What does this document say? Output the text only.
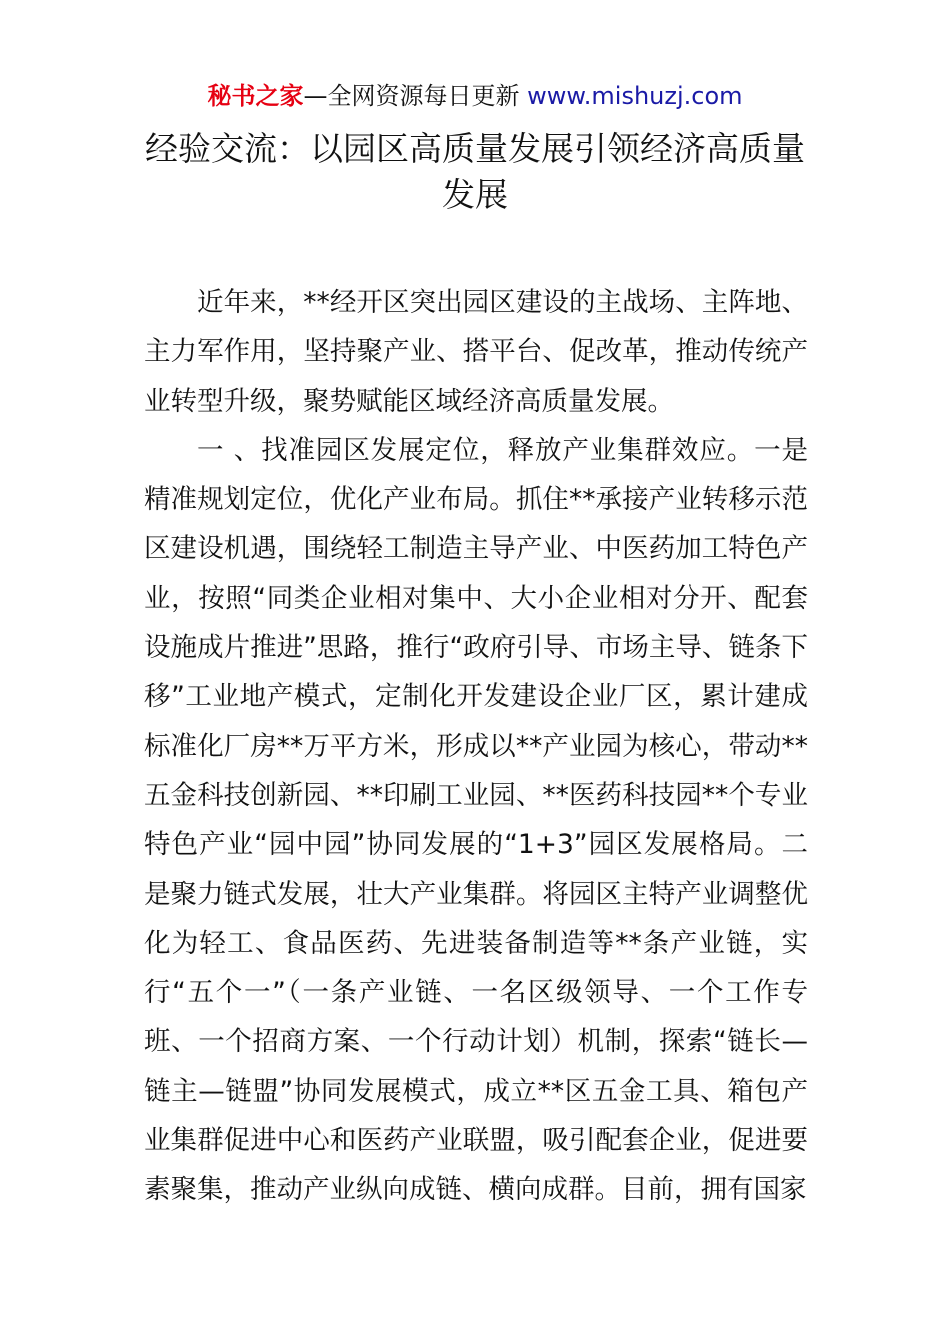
秘书之家—全网资源每日更新 www.mishuzj.com
经验交流：以园区高质量发展引领经济高质量发展

近年来，**经开区突出园区建设的主战场、主阵地、主力军作用，坚持聚产业、搭平台、促改革，推动传统产业转型升级，聚势赋能区域经济高质量发展。

一 、找准园区发展定位，释放产业集群效应。一是精准规划定位，优化产业布局。抓住**承接产业转移示范区建设机遇，围绕轻工制造主导产业、中医药加工特色产业，按照“同类企业相对集中、大小企业相对分开、配套设施成片推进”思路，推行“政府引导、市场主导、链条下移”工业地产模式，定制化开发建设企业厂区，累计建成标准化厂房**万平方米，形成以**产业园为核心，带动**五金科技创新园、**印刷工业园、**医药科技园**个专业特色产业“园中园”协同发展的“1+3”园区发展格局。二是聚力链式发展，壮大产业集群。将园区主特产业调整优化为轻工、食品医药、先进装备制造等**条产业链，实行“五个一”（一条产业链、一名区级领导、一个工作专班、一个招商方案、一个行动计划）机制，探索“链长—链主—链盟”协同发展模式，成立**区五金工具、箱包产业集群促进中心和医药产业联盟，吸引配套企业，促进要素聚集，推动产业纵向成链、横向成群。目前，拥有国家
